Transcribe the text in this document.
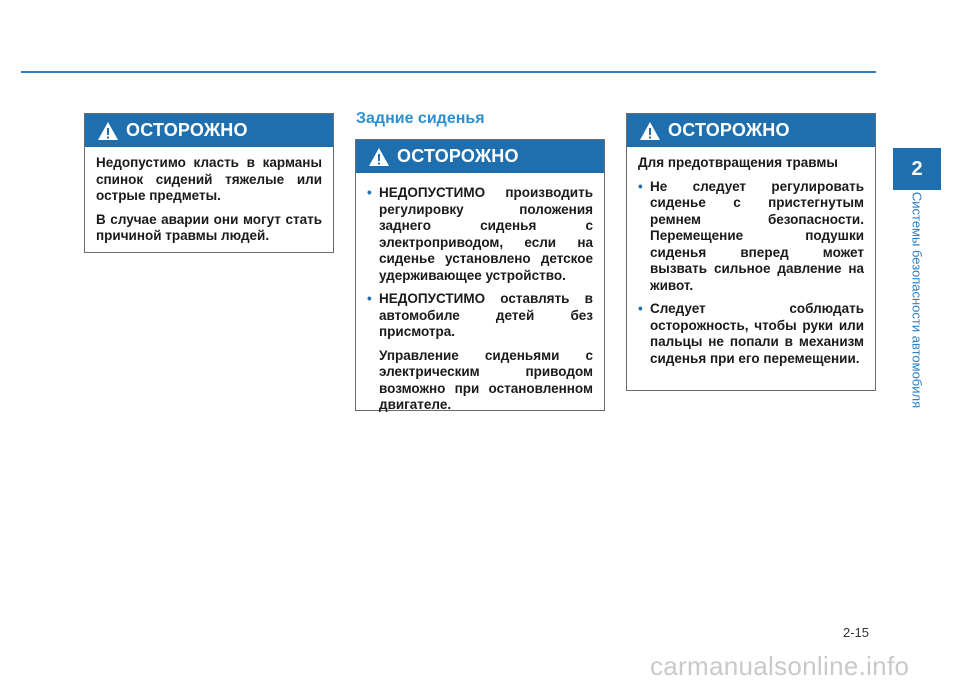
ОСТОРОЖНО

Недопустимо класть в карманы спинок сидений тяжелые или острые предметы.

В случае аварии они могут стать причиной травмы людей.

Задние сиденья
ОСТОРОЖНО
• НЕДОПУСТИМО производить регулировку положения заднего сиденья с электроприводом, если на сиденье установлено детское удерживающее устройство.
• НЕДОПУСТИМО оставлять в автомобиле детей без присмотра.
Управление сиденьями с электрическим приводом возможно при остановленном двигателе.
ОСТОРОЖНО

Для предотвращения травмы

• Не следует регулировать сиденье с пристегнутым ремнем безопасности. Перемещение подушки сиденья вперед может вызвать сильное давление на живот.
• Следует соблюдать осторожность, чтобы руки или пальцы не попали в механизм сиденья при его перемещении.
2
Системы безопасности автомобиля
2-15
carmanualsonline.info
